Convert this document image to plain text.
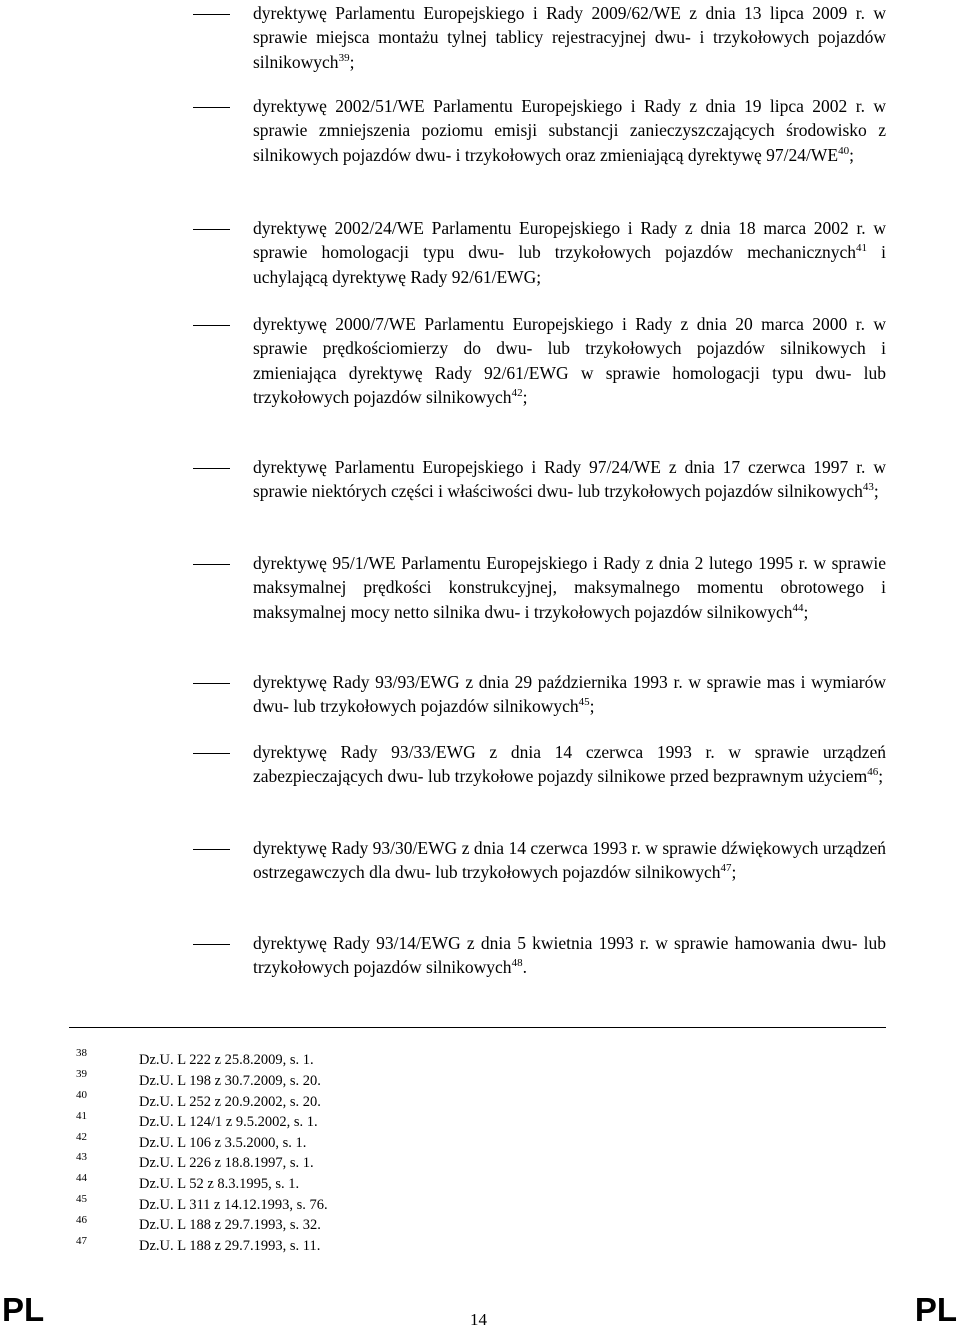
dyrektywę Parlamentu Europejskiego i Rady 2009/62/WE z dnia 13 lipca 2009 r. w sprawie miejsca montażu tylnej tablicy rejestracyjnej dwu- i trzykołowych pojazdów silnikowych$^{39}$;
dyrektywę 2002/51/WE Parlamentu Europejskiego i Rady z dnia 19 lipca 2002 r. w sprawie zmniejszenia poziomu emisji substancji zanieczyszczających środowisko z silnikowych pojazdów dwu- i trzykołowych oraz zmieniającą dyrektywę 97/24/WE$^{40}$;
dyrektywę 2002/24/WE Parlamentu Europejskiego i Rady z dnia 18 marca 2002 r. w sprawie homologacji typu dwu- lub trzykołowych pojazdów mechanicznych$^{41}$ i uchylającą dyrektywę Rady 92/61/EWG;
dyrektywę 2000/7/WE Parlamentu Europejskiego i Rady z dnia 20 marca 2000 r. w sprawie prędkościomierzy do dwu- lub trzykołowych pojazdów silnikowych i zmieniająca dyrektywę Rady 92/61/EWG w sprawie homologacji typu dwu- lub trzykołowych pojazdów silnikowych$^{42}$;
dyrektywę Parlamentu Europejskiego i Rady 97/24/WE z dnia 17 czerwca 1997 r. w sprawie niektórych części i właściwości dwu- lub trzykołowych pojazdów silnikowych$^{43}$;
dyrektywę 95/1/WE Parlamentu Europejskiego i Rady z dnia 2 lutego 1995 r. w sprawie maksymalnej prędkości konstrukcyjnej, maksymalnego momentu obrotowego i maksymalnej mocy netto silnika dwu- i trzykołowych pojazdów silnikowych$^{44}$;
dyrektywę Rady 93/93/EWG z dnia 29 października 1993 r. w sprawie mas i wymiarów dwu- lub trzykołowych pojazdów silnikowych$^{45}$;
dyrektywę Rady 93/33/EWG z dnia 14 czerwca 1993 r. w sprawie urządzeń zabezpieczających dwu- lub trzykołowe pojazdy silnikowe przed bezprawnym użyciem$^{46}$;
dyrektywę Rady 93/30/EWG z dnia 14 czerwca 1993 r. w sprawie dźwiękowych urządzeń ostrzegawczych dla dwu- lub trzykołowych pojazdów silnikowych$^{47}$;
dyrektywę Rady 93/14/EWG z dnia 5 kwietnia 1993 r. w sprawie hamowania dwu- lub trzykołowych pojazdów silnikowych$^{48}$.
38	Dz.U. L 222 z 25.8.2009, s. 1.
39	Dz.U. L 198 z 30.7.2009, s. 20.
40	Dz.U. L 252 z 20.9.2002, s. 20.
41	Dz.U. L 124/1 z 9.5.2002, s. 1.
42	Dz.U. L 106 z 3.5.2000, s. 1.
43	Dz.U. L 226 z 18.8.1997, s. 1.
44	Dz.U. L 52 z 8.3.1995, s. 1.
45	Dz.U. L 311 z 14.12.1993, s. 76.
46	Dz.U. L 188 z 29.7.1993, s. 32.
47	Dz.U. L 188 z 29.7.1993, s. 11.
PL	14	PL
